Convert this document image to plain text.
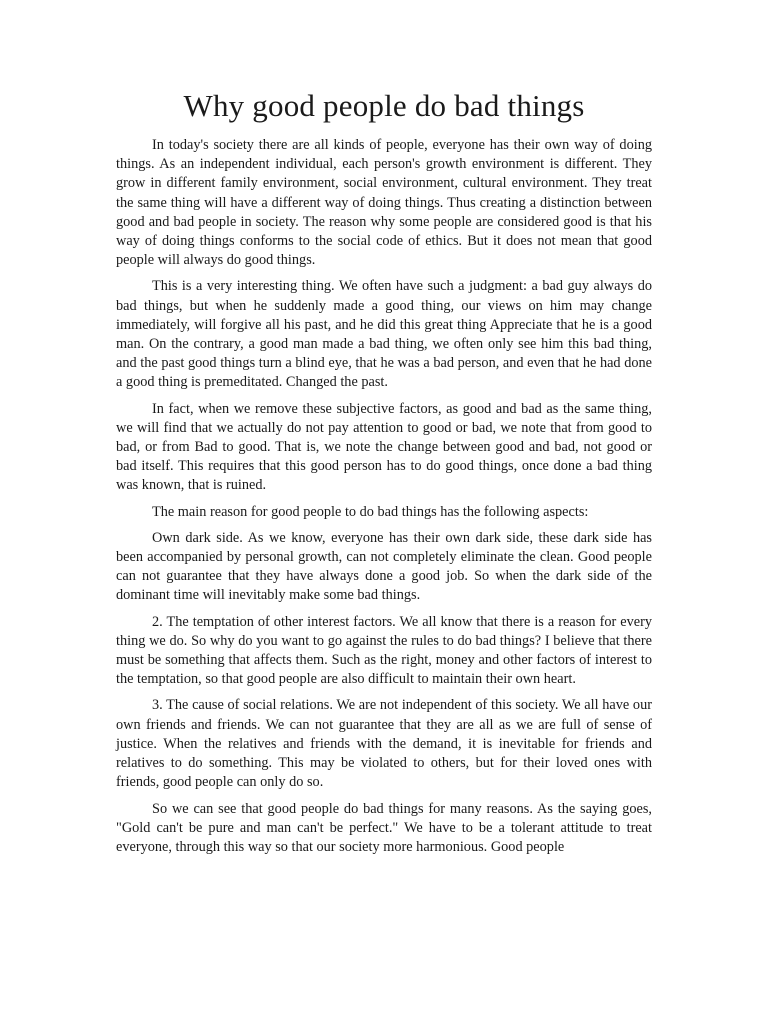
Why good people do bad things

In today's society there are all kinds of people, everyone has their own way of doing things. As an independent individual, each person's growth environment is different. They grow in different family environment, social environment, cultural environment. They treat the same thing will have a different way of doing things. Thus creating a distinction between good and bad people in society. The reason why some people are considered good is that his way of doing things conforms to the social code of ethics. But it does not mean that good people will always do good things.

This is a very interesting thing. We often have such a judgment: a bad guy always do bad things, but when he suddenly made a good thing, our views on him may change immediately, will forgive all his past, and he did this great thing Appreciate that he is a good man. On the contrary, a good man made a bad thing, we often only see him this bad thing, and the past good things turn a blind eye, that he was a bad person, and even that he had done a good thing is premeditated. Changed the past.

In fact, when we remove these subjective factors, as good and bad as the same thing, we will find that we actually do not pay attention to good or bad, we note that from good to bad, or from Bad to good. That is, we note the change between good and bad, not good or bad itself. This requires that this good person has to do good things, once done a bad thing was known, that is ruined.

The main reason for good people to do bad things has the following aspects:

Own dark side. As we know, everyone has their own dark side, these dark side has been accompanied by personal growth, can not completely eliminate the clean. Good people can not guarantee that they have always done a good job. So when the dark side of the dominant time will inevitably make some bad things.

2. The temptation of other interest factors. We all know that there is a reason for every thing we do. So why do you want to go against the rules to do bad things? I believe that there must be something that affects them. Such as the right, money and other factors of interest to the temptation, so that good people are also difficult to maintain their own heart.

3. The cause of social relations. We are not independent of this society. We all have our own friends and friends. We can not guarantee that they are all as we are full of sense of justice. When the relatives and friends with the demand, it is inevitable for friends and relatives to do something. This may be violated to others, but for their loved ones with friends, good people can only do so.

So we can see that good people do bad things for many reasons. As the saying goes, "Gold can't be pure and man can't be perfect." We have to be a tolerant attitude to treat everyone, through this way so that our society more harmonious. Good people
